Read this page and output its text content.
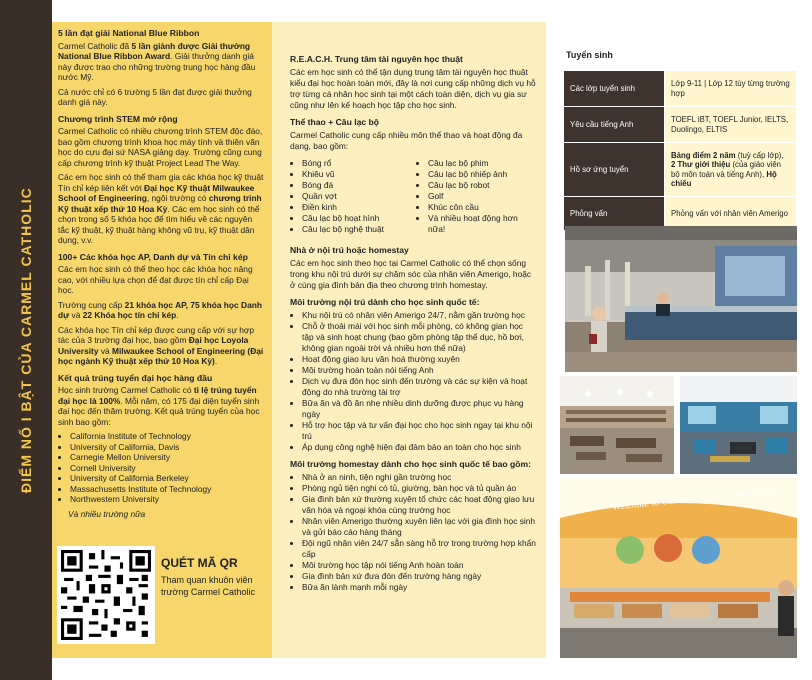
ĐIỂM NỔ I BẬT CỦA CARMEL CATHOLIC
5 lần đạt giải National Blue Ribbon

Carmel Catholic đã 5 lần giành được Giải thưởng National Blue Ribbon Award. Giải thưởng danh giá này được trao cho những trường trung học hàng đầu nước Mỹ.

Cả nước chỉ có 6 trường 5 lần đạt được giải thưởng danh giá này.

Chương trình STEM mở rộng

Carmel Catholic có nhiều chương trình STEM độc đáo, bao gồm chương trình khoa học máy tính và thiên văn học do cựu đại sứ NASA giảng dạy. Trường cũng cung cấp chương trình kỹ thuật Project Lead The Way.

Các em học sinh có thể tham gia các khóa học kỹ thuật Tín chỉ kép liên kết với Đại học Kỹ thuật Milwaukee School of Engineering, ngôi trường có chương trình Kỹ thuật xếp thứ 10 Hoa Kỳ. Các em học sinh có thể chọn trong số 5 khóa học để tìm hiểu về các nguyên tắc kỹ thuật, kỹ thuật hàng không vũ trụ, kỹ thuật dân dụng, v.v.

100+ Các khóa học AP, Danh dự và Tín chỉ kép

Các em học sinh có thể theo học các khóa học nâng cao, với nhiều lựa chọn để đạt được tín chỉ cấp Đại học.

Trường cung cấp 21 khóa học AP, 75 khóa học Danh dự và 22 Khóa học tín chỉ kép.

Các khóa học Tín chỉ kép được cung cấp với sự hợp tác của 3 trường đại học, bao gồm Đại học Loyola University và Milwaukee School of Engineering (Đại học ngành Kỹ thuật xếp thứ 10 Hoa Kỳ).

Kết quả trúng tuyển đại học hàng đầu

Học sinh trường Carmel Catholic có tỉ lệ trúng tuyển đại học là 100%. Mỗi năm, có 175 đại diện tuyển sinh đại học đến thăm trường. Kết quả trúng tuyển của học sinh bao gồm:

• California Institute of Technology
• University of California, Davis
• Carnegie Mellon University
• Cornell University
• University of California Berkeley
• Massachusetts Institute of Technology
• Northwestern University
Và nhiều trường nữa
QUÉT MÃ QR
Tham quan khuôn viên trường Carmel Catholic
R.E.A.C.H. Trung tâm tài nguyên học thuật

Các em học sinh có thể tận dụng trung tâm tài nguyên học thuật kiểu đại học hoàn toàn mới, đây là nơi cung cấp những dịch vụ hỗ trợ từng cá nhân học sinh tại một cách toàn diện, dịch vụ gia sư cũng như lên kế hoạch học tập cho học sinh.

Thể thao + Câu lạc bộ

Carmel Catholic cung cấp nhiều môn thể thao và hoạt động đa dạng, bao gồm:

• Bóng rổ
• Khiêu vũ
• Bóng đá
• Quần vợt
• Điền kinh
• Câu lạc bộ hoạt hình
• Câu lạc bộ nghệ thuật
• Câu lạc bộ phim
• Câu lạc bộ nhiếp ảnh
• Câu lạc bộ robot
• Golf
• Khúc côn cầu
• Và nhiều hoạt động hơn nữa!
Nhà ở nội trú hoặc homestay

Các em học sinh theo học tại Carmel Catholic có thể chọn sống trong khu nội trú dưới sự chăm sóc của nhân viên Amerigo, hoặc ở cùng gia đình bản địa theo chương trình homestay.

Môi trường nội trú dành cho học sinh quốc tế:
• Khu nội trú có nhân viên Amerigo 24/7, nằm gần trường học
• Chỗ ở thoải mái với học sinh mỗi phòng, có không gian học tập và sinh hoạt chung (bao gồm phòng tập thể dục, hồ bơi, không gian ngoài trời và nhiều hơn thế nữa)
• Hoạt động giao lưu văn hoá thường xuyên
• Môi trường hoàn toàn nói tiếng Anh
• Dịch vụ đưa đón học sinh đến trường và các sự kiện và hoạt động do nhà trường tài trợ
• Bữa ăn và đồ ăn nhẹ nhiều dinh dưỡng được phục vụ hàng ngày
• Hỗ trợ học tập và tư vấn đại học cho học sinh ngay tại khu nội trú
• Áp dụng công nghệ hiện đại đảm bảo an toàn cho học sinh
Môi trường homestay dành cho học sinh quốc tế bao gồm:
• Nhà ở an ninh, tiện nghi gần trường học
• Phòng ngủ tiện nghi có tủ, giường, bàn học và tủ quần áo
• Gia đình bản xứ thường xuyên tổ chức các hoạt động giao lưu văn hóa và ngoại khóa cùng trường học
• Nhân viên Amerigo thường xuyên liên lạc với gia đình học sinh và gửi báo cáo hàng tháng
• Đội ngũ nhân viên 24/7 sẵn sàng hỗ trợ trong trường hợp khẩn cấp
• Môi trường học tập nói tiếng Anh hoàn toàn
• Gia đình bản xứ đưa đón đến trường hàng ngày
• Bữa ăn lành mạnh mỗi ngày
Tuyển sinh
Các lớp tuyển sinh	Lớp 9-11 | Lớp 12 tùy từng trường hợp
Yêu cầu tiếng Anh	TOEFL iBT, TOEFL Junior, IELTS, Duolingo, ELTIS
Hồ sơ ứng tuyển	Bảng điểm 2 năm (tuỳ cấp lớp), 2 Thư giới thiệu (của giáo viên bộ môn toán và tiếng Anh), Hộ chiếu
Phỏng vấn	Phỏng vấn với nhân viên Amerigo
Welcome to Carmel Catholic High School
